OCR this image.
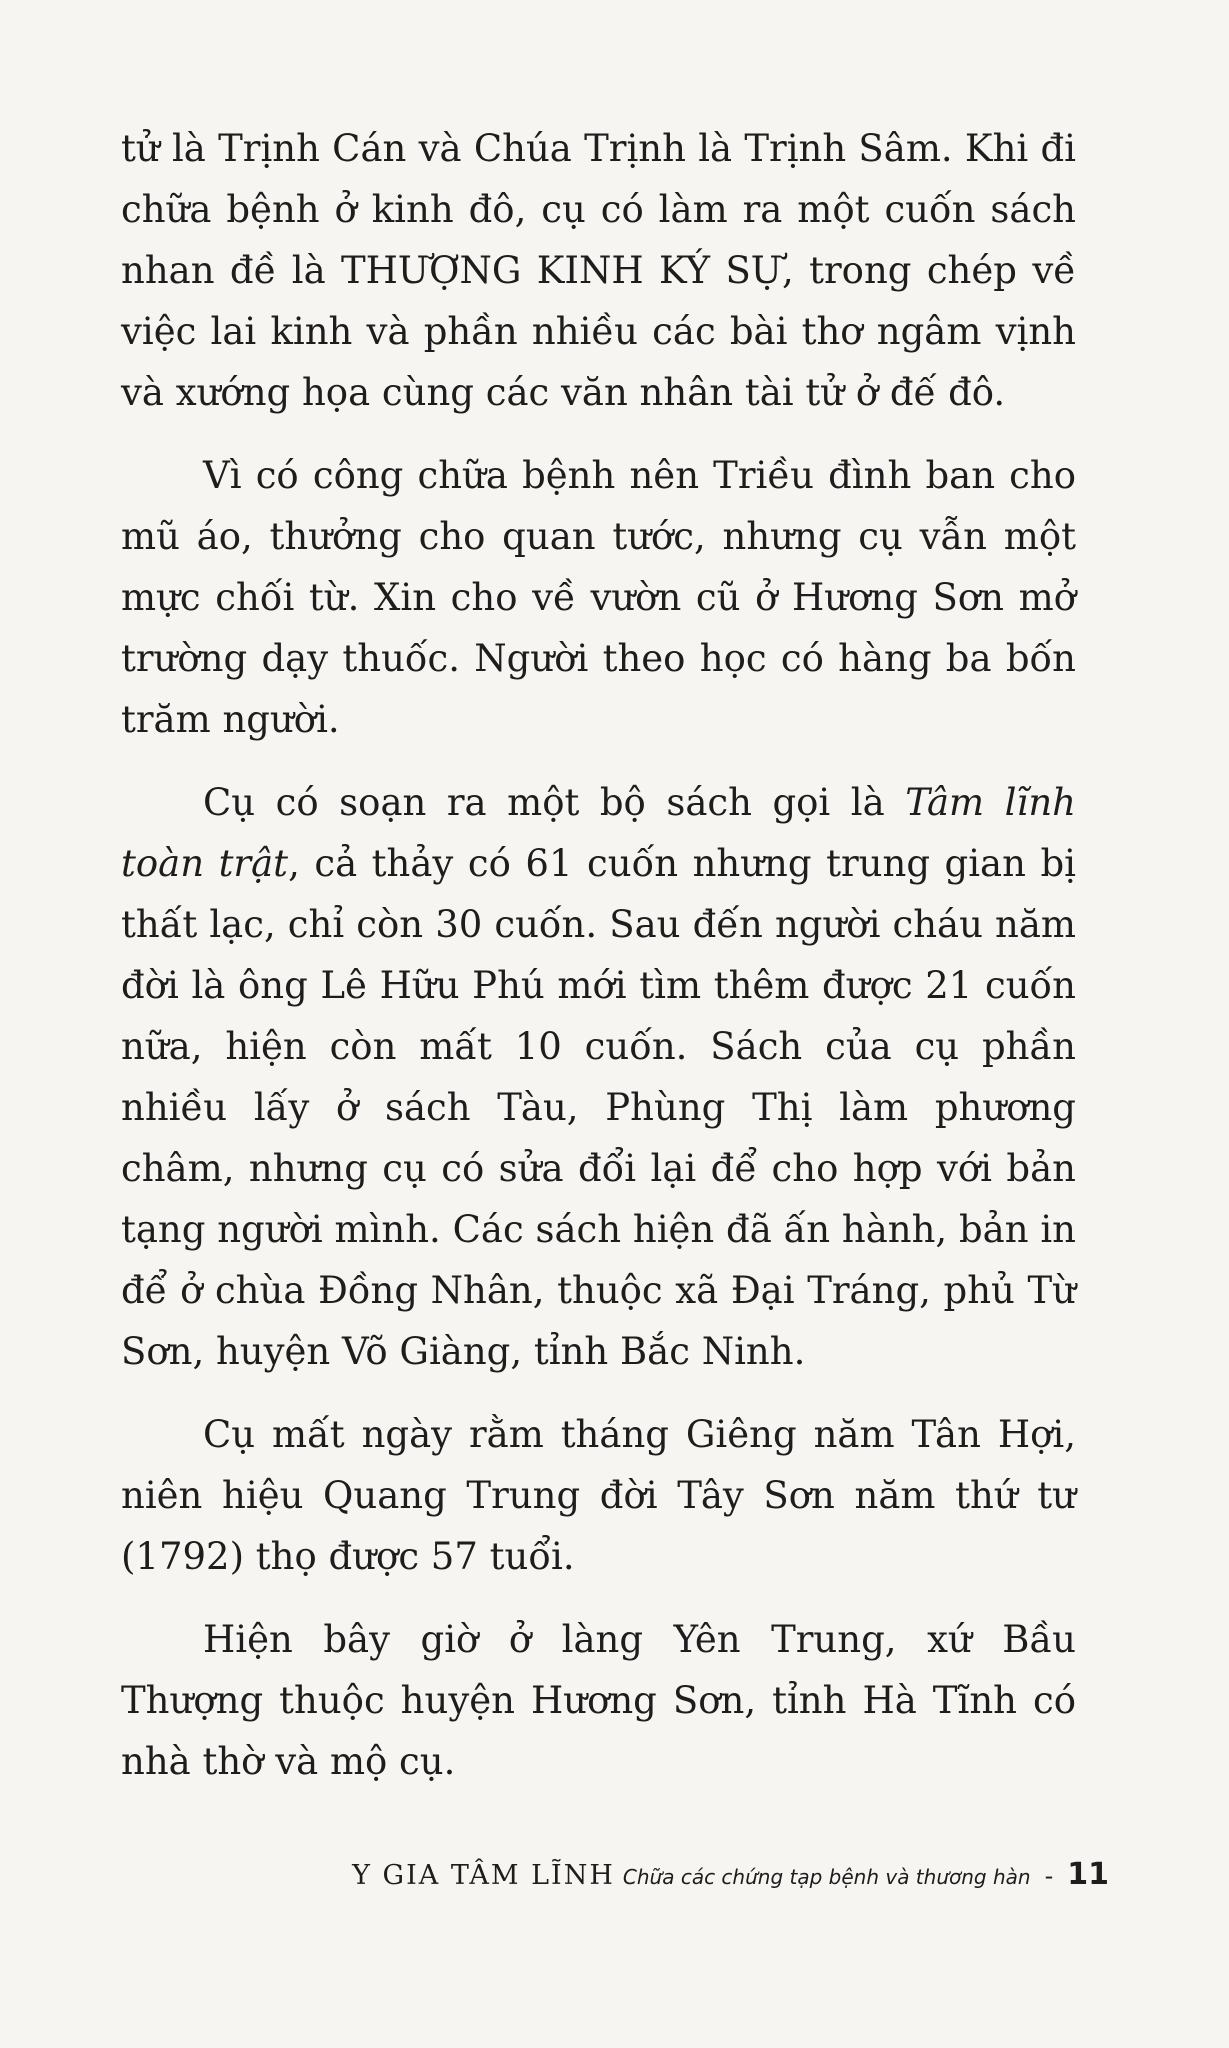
tử là Trịnh Cán và Chúa Trịnh là Trịnh Sâm. Khi đi chữa bệnh ở kinh đô, cụ có làm ra một cuốn sách nhan đề là THƯỢNG KINH KÝ SỰ, trong chép về việc lai kinh và phần nhiều các bài thơ ngâm vịnh và xướng họa cùng các văn nhân tài tử ở đế đô.

Vì có công chữa bệnh nên Triều đình ban cho mũ áo, thưởng cho quan tước, nhưng cụ vẫn một mực chối từ. Xin cho về vườn cũ ở Hương Sơn mở trường dạy thuốc. Người theo học có hàng ba bốn trăm người.

Cụ có soạn ra một bộ sách gọi là Tâm lĩnh toàn trật, cả thảy có 61 cuốn nhưng trung gian bị thất lạc, chỉ còn 30 cuốn. Sau đến người cháu năm đời là ông Lê Hữu Phú mới tìm thêm được 21 cuốn nữa, hiện còn mất 10 cuốn. Sách của cụ phần nhiều lấy ở sách Tàu, Phùng Thị làm phương châm, nhưng cụ có sửa đổi lại để cho hợp với bản tạng người mình. Các sách hiện đã ấn hành, bản in để ở chùa Đồng Nhân, thuộc xã Đại Tráng, phủ Từ Sơn, huyện Võ Giàng, tỉnh Bắc Ninh.

Cụ mất ngày rằm tháng Giêng năm Tân Hợi, niên hiệu Quang Trung đời Tây Sơn năm thứ tư (1792) thọ được 57 tuổi.

Hiện bây giờ ở làng Yên Trung, xứ Bầu Thượng thuộc huyện Hương Sơn, tỉnh Hà Tĩnh có nhà thờ và mộ cụ.

Y GIA TÂM LĨNH Chữa các chứng tạp bệnh và thương hàn - 11
